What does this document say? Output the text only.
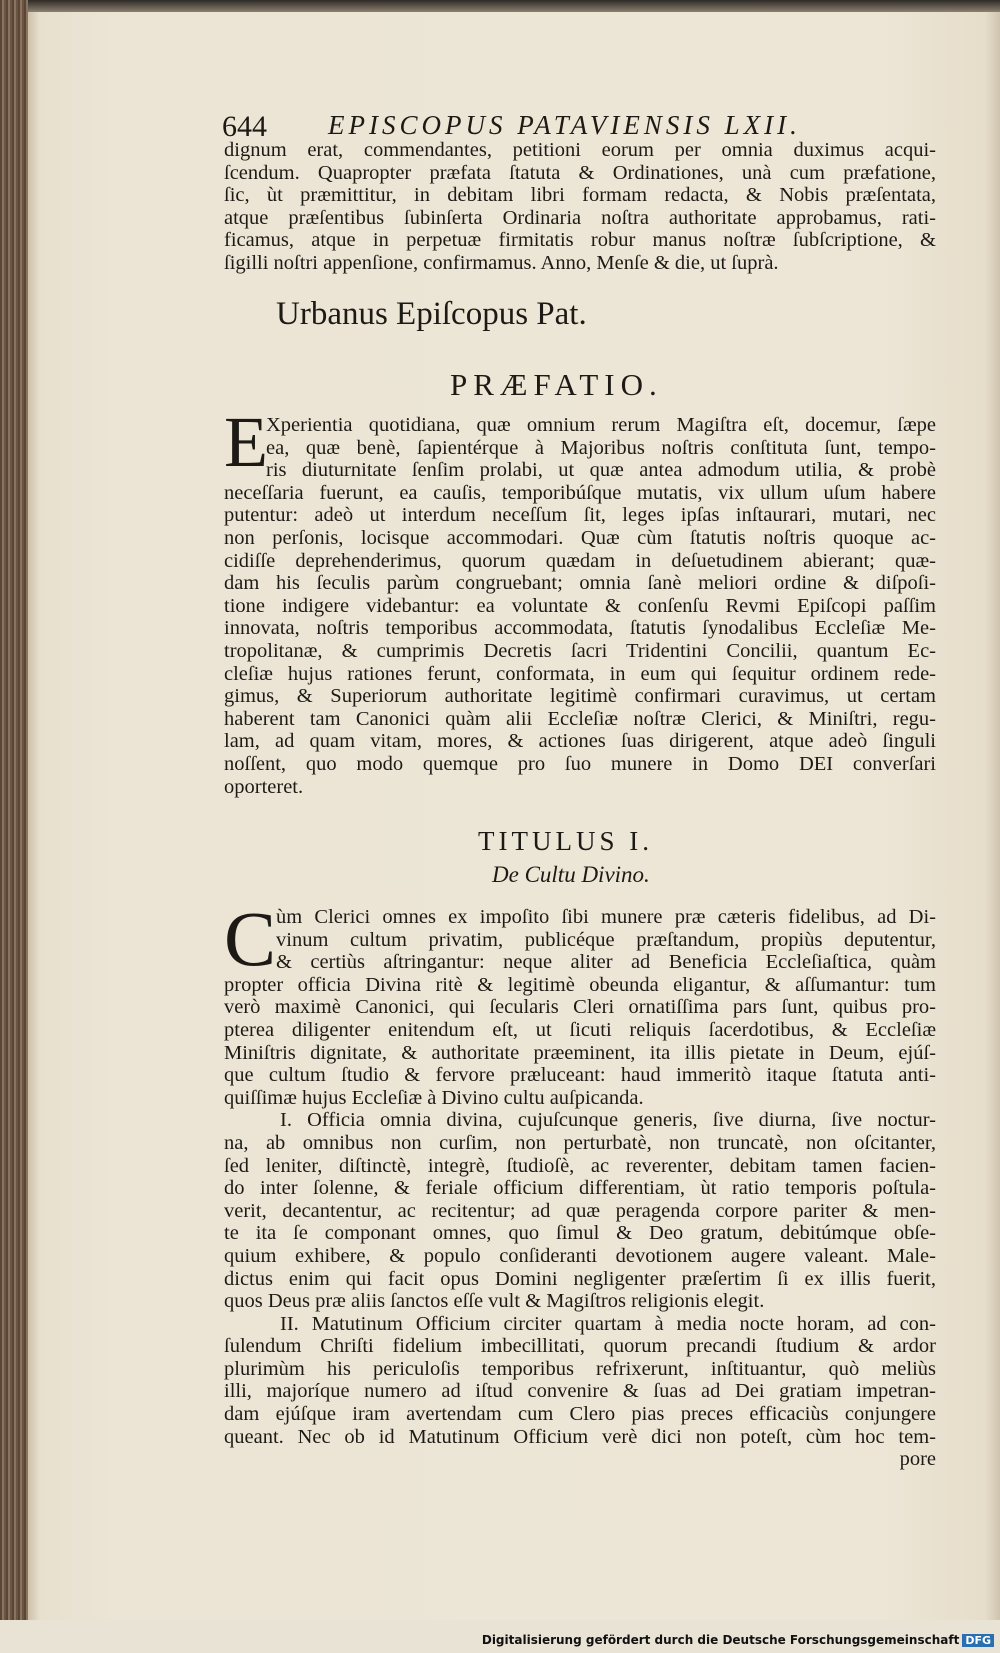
644 EPISCOPUS PATAVIENSIS LXII.
dignum erat, commendantes, petitioni eorum per omnia duximus acqui-
ſcendum. Quapropter præfata ſtatuta & Ordinationes, unà cum præfatione,
ſic, ùt præmittitur, in debitam libri formam redacta, & Nobis præſentata,
atque præſentibus ſubinſerta Ordinaria noſtra authoritate approbamus, rati-
ficamus, atque in perpetuæ firmitatis robur manus noſtræ ſubſcriptione, &
ſigilli noſtri appenſione, confirmamus. Anno, Menſe & die, ut ſuprà.
Urbanus Epiſcopus Pat.
PRÆFATIO.
E
Xperientia quotidiana, quæ omnium rerum Magiſtra eſt, docemur, ſæpe
ea, quæ benè, ſapientérque à Majoribus noſtris conſtituta ſunt, tempo-
ris diuturnitate ſenſim prolabi, ut quæ antea admodum utilia, & probè
neceſſaria fuerunt, ea cauſis, temporibúſque mutatis, vix ullum uſum habere
putentur: adeò ut interdum neceſſum ſit, leges ipſas inſtaurari, mutari, nec
non perſonis, locisque accommodari. Quæ cùm ſtatutis noſtris quoque ac-
cidiſſe deprehenderimus, quorum quædam in deſuetudinem abierant; quæ-
dam his ſeculis parùm congruebant; omnia ſanè meliori ordine & diſpoſi-
tione indigere videbantur: ea voluntate & conſenſu Revmi Epiſcopi paſſim
innovata, noſtris temporibus accommodata, ſtatutis ſynodalibus Eccleſiæ Me-
tropolitanæ, & cumprimis Decretis ſacri Tridentini Concilii, quantum Ec-
cleſiæ hujus rationes ferunt, conformata, in eum qui ſequitur ordinem rede-
gimus, & Superiorum authoritate legitimè confirmari curavimus, ut certam
haberent tam Canonici quàm alii Eccleſiæ noſtræ Clerici, & Miniſtri, regu-
lam, ad quam vitam, mores, & actiones ſuas dirigerent, atque adeò ſinguli
noſſent, quo modo quemque pro ſuo munere in Domo DEI converſari
oporteret.
TITULUS I.
De Cultu Divino.
C ùm Clerici omnes ex impoſito ſibi munere præ cæteris fidelibus, ad Di-
vinum cultum privatim, publicéque præſtandum, propiùs deputentur,
& certiùs aſtringantur: neque aliter ad Beneficia Eccleſiaſtica, quàm
propter officia Divina ritè & legitimè obeunda eligantur, & aſſumantur: tum
verò maximè Canonici, qui ſecularis Cleri ornatiſſima pars ſunt, quibus pro-
pterea diligenter enitendum eſt, ut ſicuti reliquis ſacerdotibus, & Eccleſiæ
Miniſtris dignitate, & authoritate præeminent, ita illis pietate in Deum, ejúſ-
que cultum ſtudio & fervore præluceant: haud immeritò itaque ſtatuta anti-
quiſſimæ hujus Eccleſiæ à Divino cultu auſpicanda.
I. Officia omnia divina, cujuſcunque generis, ſive diurna, ſive noctur-
na, ab omnibus non curſim, non perturbatè, non truncatè, non oſcitanter,
ſed leniter, diſtinctè, integrè, ſtudioſè, ac reverenter, debitam tamen facien-
do inter ſolenne, & feriale officium differentiam, ùt ratio temporis poſtula-
verit, decantentur, ac recitentur; ad quæ peragenda corpore pariter & men-
te ita ſe componant omnes, quo ſimul & Deo gratum, debitúmque obſe-
quium exhibere, & populo conſideranti devotionem augere valeant. Male-
dictus enim qui facit opus Domini negligenter præſertim ſi ex illis fuerit,
quos Deus præ aliis ſanctos eſſe vult & Magiſtros religionis elegit.
II. Matutinum Officium circiter quartam à media nocte horam, ad con-
ſulendum Chriſti fidelium imbecillitati, quorum precandi ſtudium & ardor
plurimùm his periculoſis temporibus refrixerunt, inſtituantur, quò meliùs
illi, majoríque numero ad iſtud convenire & ſuas ad Dei gratiam impetran-
dam ejúſque iram avertendam cum Clero pias preces efficaciùs conjungere
queant. Nec ob id Matutinum Officium verè dici non poteſt, cùm hoc tem-
pore
Digitalisierung gefördert durch die Deutsche Forschungsgemeinschaft DFG
